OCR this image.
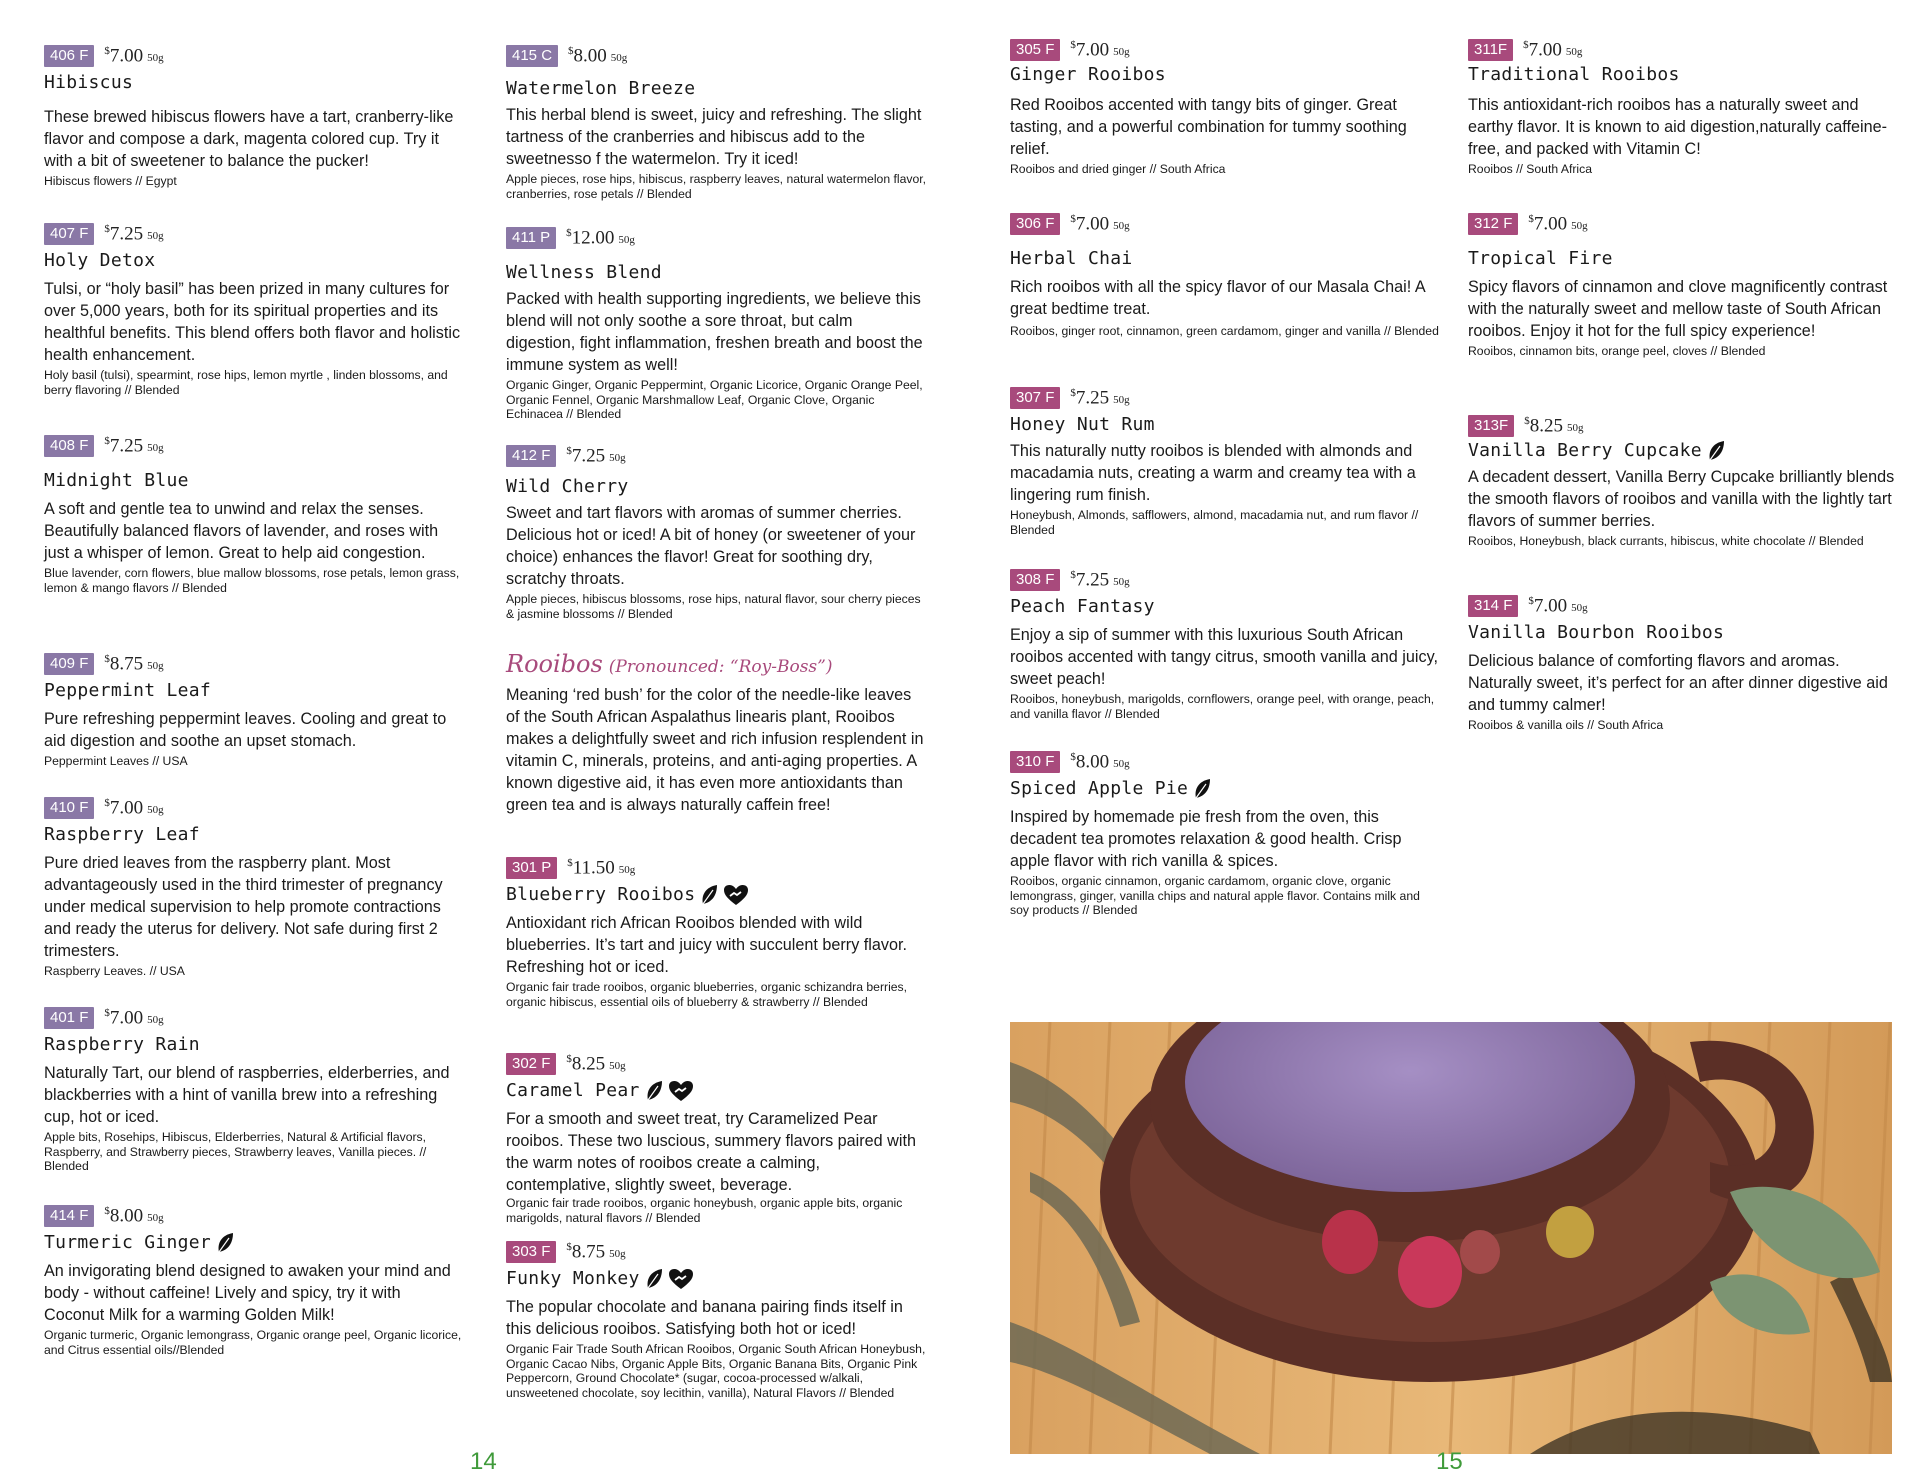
406 F	$7.00 50g
Hibiscus
These brewed hibiscus flowers have a tart, cranberry-like flavor and compose a dark, magenta colored cup. Try it with a bit of sweetener to balance the pucker!
Hibiscus flowers // Egypt
407 F	$7.25 50g
Holy Detox
Tulsi, or “holy basil” has been prized in many cultures for over 5,000 years, both for its spiritual properties and its healthful benefits. This blend offers both flavor and holistic health enhancement.
Holy basil (tulsi), spearmint, rose hips, lemon myrtle , linden blossoms, and berry flavoring // Blended
408 F	$7.25 50g
Midnight Blue
A soft and gentle tea to unwind and relax the senses. Beautifully balanced flavors of lavender, and roses with just a whisper of lemon. Great to help aid congestion.
Blue lavender, corn flowers, blue mallow blossoms, rose petals, lemon grass, lemon & mango flavors // Blended
409 F	$8.75 50g
Peppermint Leaf
Pure refreshing peppermint leaves. Cooling and great to aid digestion and soothe an upset stomach.
Peppermint Leaves // USA
410 F	$7.00 50g
Raspberry Leaf
Pure dried leaves from the raspberry plant. Most advantageously used in the third trimester of pregnancy under medical supervision to help promote contractions and ready the uterus for delivery. Not safe during first 2 trimesters.
Raspberry Leaves. // USA
401 F	$7.00 50g
Raspberry Rain
Naturally Tart, our blend of raspberries, elderberries, and blackberries with a hint of vanilla brew into a refreshing cup, hot or iced.
Apple bits, Rosehips, Hibiscus, Elderberries, Natural & Artificial flavors, Raspberry, and Strawberry pieces, Strawberry leaves, Vanilla pieces. // Blended
414 F	$8.00 50g
Turmeric Ginger
An invigorating blend designed to awaken your mind and body - without caffeine! Lively and spicy, try it with Coconut Milk for a warming Golden Milk!
Organic turmeric, Organic lemongrass, Organic orange peel, Organic licorice, and Citrus essential oils//Blended
415 C	$8.00 50g
Watermelon Breeze
This herbal blend is sweet, juicy and refreshing. The slight tartness of the cranberries and hibiscus add to the sweetnesso f the watermelon. Try it iced!
Apple pieces, rose hips, hibiscus, raspberry leaves, natural watermelon flavor, cranberries, rose petals // Blended
411 P	$12.00 50g
Wellness Blend
Packed with health supporting ingredients, we believe this blend will not only soothe a sore throat, but calm digestion, fight inflammation, freshen breath and boost the immune system as well!
Organic Ginger, Organic Peppermint, Organic Licorice, Organic Orange Peel, Organic Fennel, Organic Marshmallow Leaf, Organic Clove, Organic Echinacea // Blended
412 F	$7.25 50g
Wild Cherry
Sweet and tart flavors with aromas of summer cherries. Delicious hot or iced! A bit of honey (or sweetener of your choice) enhances the flavor! Great for soothing dry, scratchy throats.
Apple pieces, hibiscus blossoms, rose hips, natural flavor, sour cherry pieces & jasmine blossoms // Blended
Rooibos (Pronounced: “Roy-Boss”)
Meaning ‘red bush’ for the color of the needle-like leaves of the South African Aspalathus linearis plant, Rooibos makes a delightfully sweet and rich infusion resplendent in vitamin C, minerals, proteins, and anti-aging properties. A known digestive aid, it has even more antioxidants than green tea and is always naturally caffein free!
301 P	$11.50 50g
Blueberry Rooibos
Antioxidant rich African Rooibos blended with wild blueberries. It’s tart and juicy with succulent berry flavor. Refreshing hot or iced.
Organic fair trade rooibos, organic blueberries, organic schizandra berries, organic hibiscus, essential oils of blueberry & strawberry // Blended
302 F	$8.25 50g
Caramel Pear
For a smooth and sweet treat, try Caramelized Pear rooibos. These two luscious, summery flavors paired with the warm notes of rooibos create a calming, contemplative, slightly sweet, beverage.
Organic fair trade rooibos, organic honeybush, organic apple bits, organic marigolds, natural flavors // Blended
303 F	$8.75 50g
Funky Monkey
The popular chocolate and banana pairing finds itself in this delicious rooibos. Satisfying both hot or iced!
Organic Fair Trade South African Rooibos, Organic South African Honeybush, Organic Cacao Nibs, Organic Apple Bits, Organic Banana Bits, Organic Pink Peppercorn, Ground Chocolate* (sugar, cocoa-processed w/alkali, unsweetened chocolate, soy lecithin, vanilla), Natural Flavors // Blended
305 F	$7.00 50g
Ginger Rooibos
Red Rooibos accented with tangy bits of ginger. Great tasting, and a powerful combination for tummy soothing relief.
Rooibos and dried ginger // South Africa
306 F	$7.00 50g
Herbal Chai
Rich rooibos with all the spicy flavor of our Masala Chai! A great bedtime treat.
Rooibos, ginger root, cinnamon, green cardamom, ginger and vanilla // Blended
307 F	$7.25 50g
Honey Nut Rum
This naturally nutty rooibos is blended with almonds and macadamia nuts, creating a warm and creamy tea with a lingering rum finish.
Honeybush, Almonds, safflowers, almond, macadamia nut, and rum flavor // Blended
308 F	$7.25 50g
Peach Fantasy
Enjoy a sip of summer with this luxurious South African rooibos accented with tangy citrus, smooth vanilla and juicy, sweet peach!
Rooibos, honeybush, marigolds, cornflowers, orange peel, with orange, peach, and vanilla flavor // Blended
310 F	$8.00 50g
Spiced Apple Pie
Inspired by homemade pie fresh from the oven, this decadent tea promotes relaxation & good health. Crisp apple flavor with rich vanilla & spices.
Rooibos, organic cinnamon, organic cardamom, organic clove, organic lemongrass, ginger, vanilla chips and natural apple flavor. Contains milk and soy products // Blended
311F	$7.00 50g
Traditional Rooibos
This antioxidant-rich rooibos has a naturally sweet and earthy flavor. It is known to aid digestion,naturally caffeine-free, and packed with Vitamin C!
Rooibos // South Africa
312 F	$7.00 50g
Tropical Fire
Spicy flavors of cinnamon and clove magnificently contrast with the naturally sweet and mellow taste of South African rooibos. Enjoy it hot for the full spicy experience!
Rooibos, cinnamon bits, orange peel, cloves // Blended
313F	$8.25 50g
Vanilla Berry Cupcake
A decadent dessert, Vanilla Berry Cupcake brilliantly blends the smooth flavors of rooibos and vanilla with the lightly tart flavors of summer berries.
Rooibos, Honeybush, black currants, hibiscus, white chocolate // Blended
314 F	$7.00 50g
Vanilla Bourbon Rooibos
Delicious balance of comforting flavors and aromas. Naturally sweet, it’s perfect for an after dinner digestive aid and tummy calmer!
Rooibos & vanilla oils // South Africa
14	15
